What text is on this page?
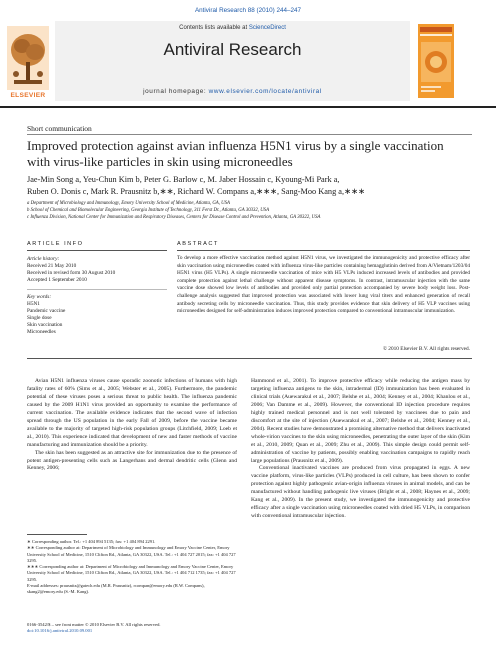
Antiviral Research 88 (2010) 244–247
Contents lists available at ScienceDirect
Antiviral Research
journal homepage: www.elsevier.com/locate/antiviral
ELSEVIER
Short communication
Improved protection against avian influenza H5N1 virus by a single vaccination with virus-like particles in skin using microneedles
Jae-Min Song a, Yeu-Chun Kim b, Peter G. Barlow c, M. Jaber Hossain c, Kyoung-Mi Park a,
Ruben O. Donis c, Mark R. Prausnitz b,∗∗, Richard W. Compans a,∗∗∗, Sang-Moo Kang a,∗∗∗
a Department of Microbiology and Immunology, Emory University School of Medicine, Atlanta, GA, USA
b School of Chemical and Biomolecular Engineering, Georgia Institute of Technology, 311 Ferst Dr., Atlanta, GA 30332, USA
c Influenza Division, National Center for Immunization and Respiratory Diseases, Centers for Disease Control and Prevention, Atlanta, GA 30322, USA
ARTICLE INFO	ABSTRACT
Article history:
Received 21 May 2010
Received in revised form 30 August 2010
Accepted 1 September 2010
Key words:
H5N1
Pandemic vaccine
Single dose
Skin vaccination
Microneedles
To develop a more effective vaccination method against H5N1 virus, we investigated the immunogenicity and protective efficacy after skin vaccination using microneedles coated with influenza virus-like particles containing hemagglutinin derived from A/Vietnam/1203/04 H5N1 virus (H5 VLPs). A single microneedle vaccination of mice with H5 VLPs induced increased levels of antibodies and provided complete protection against lethal challenge without apparent disease symptoms. In contrast, intramuscular injection with the same vaccine dose showed low levels of antibodies and provided only partial protection accompanied by severe body weight loss. Post-challenge analysis suggested that improved protection was associated with lower lung viral titers and enhanced generation of recall antibody secreting cells by microneedle vaccination. Thus, this study provides evidence that skin delivery of H5 VLP vaccines using microneedles designed for self-administration induces improved protection compared to conventional intramuscular immunization.
© 2010 Elsevier B.V. All rights reserved.

Avian H5N1 influenza viruses cause sporadic zoonotic infections of humans with high fatality rates of 60% (Sims et al., 2005; Webster et al., 2005). Furthermore, the pandemic potential of these viruses poses a serious threat to public health. The influenza pandemic caused by the 2009 H1N1 virus provided an opportunity to examine the performance of current vaccination. The available evidence indicates that the second wave of infection spread through the US population in the early Fall of 2009, before the vaccine became available to the majority of targeted high-risk population groups (Litchfield, 2009; Loeb et al., 2010). This experience indicated that development of new and faster methods of vaccine manufacturing and immunization should be a priority.

The skin has been suggested as an attractive site for immunization due to the presence of potent antigen-presenting cells such as Langerhans and dermal dendritic cells (Glenn and Kenney, 2006;

Hammond et al., 2001). To improve protective efficacy while reducing the antigen mass by targeting influenza antigens to the skin, intradermal (ID) immunization has been evaluated in clinical trials (Auewarakul et al., 2007; Belshe et al., 2004; Kenney et al., 2004; Khanlou et al., 2006; Van Damme et al., 2009). However, the conventional ID injection procedure requires highly trained medical personnel and is not well tolerated by vaccinees due to pain and discomfort at the site of injection (Auewarakul et al., 2007; Belshe et al., 2004; Kenney et al., 2004). Recent studies have demonstrated a promising alternative method that delivers inactivated whole-virion vaccines to the skin using microneedles, penetrating the outer layer of the skin (Kim et al., 2010, 2009; Quan et al., 2009; Zhu et al., 2009). This simple design could permit self-administration of vaccine by patients, possibly enabling vaccination campaigns to rapidly reach large populations (Prausnitz et al., 2009).

Conventional inactivated vaccines are produced from virus propagated in eggs. A new vaccine platform, virus-like particles (VLPs) produced in cell culture, has been shown to confer protection against highly pathogenic avian-origin influenza viruses in animal models, and can be manufactured without handling pathogenic live viruses (Bright et al., 2008; Haynes et al., 2009; Kang et al., 2009). In the present study, we investigated the immunogenicity and protective efficacy after a single vaccination using microneedles coated with dried H5 VLPs, in comparison with conventional intramuscular injection.

∗ Corresponding author. Tel.: +1 404 894 5135; fax: +1 404 894 2291.
∗∗ Corresponding author at: Department of Microbiology and Immunology and Emory Vaccine Center, Emory University School of Medicine, 1510 Clifton Rd., Atlanta, GA 30322, USA. Tel.: +1 404 727 2015; fax: +1 404 727 3295.
∗∗∗ Corresponding author at: Department of Microbiology and Immunology and Emory Vaccine Center, Emory University School of Medicine, 1510 Clifton Rd., Atlanta, GA 30322, USA. Tel.: +1 404 712 1735; fax: +1 404 727 3295.
E-mail addresses: prausnitz@gatech.edu (M.R. Prausnitz), rcompan@emory.edu (R.W. Compans), skang2@emory.edu (S.-M. Kang).
0166-3542/$ – see front matter © 2010 Elsevier B.V. All rights reserved.
doi:10.1016/j.antiviral.2010.09.001
